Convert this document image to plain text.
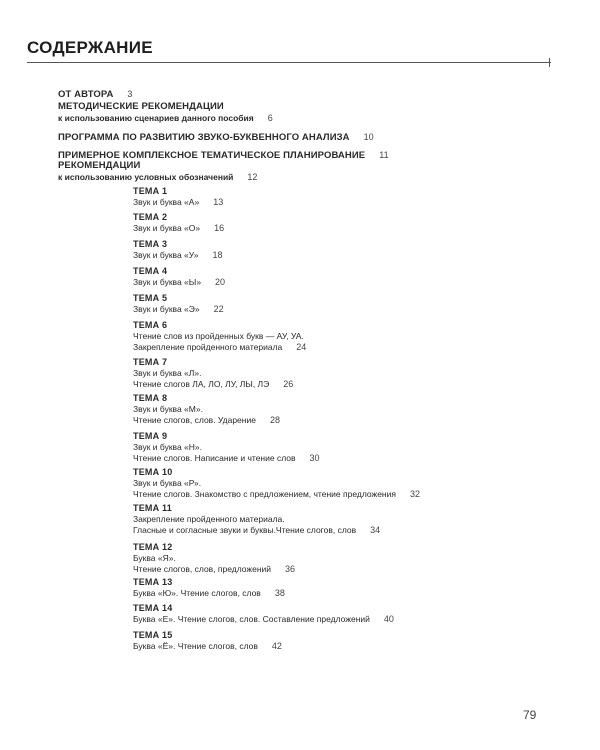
СОДЕРЖАНИЕ
ОТ АВТОРА 3
МЕТОДИЧЕСКИЕ РЕКОМЕНДАЦИИ
к использованию сценариев данного пособия 6
ПРОГРАММА ПО РАЗВИТИЮ ЗВУКО-БУКВЕННОГО АНАЛИЗА 10
ПРИМЕРНОЕ КОМПЛЕКСНОЕ ТЕМАТИЧЕСКОЕ ПЛАНИРОВАНИЕ 11
РЕКОМЕНДАЦИИ
к использованию условных обозначений 12
ТЕМА 1
Звук и буква «А» 13
ТЕМА 2
Звук и буква «О» 16
ТЕМА 3
Звук и буква «У» 18
ТЕМА 4
Звук и буква «Ы» 20
ТЕМА 5
Звук и буква «Э» 22
ТЕМА 6
Чтение слов из пройденных букв — АУ, УА.
Закрепление пройденного материала 24
ТЕМА 7
Звук и буква «Л».
Чтение слогов ЛА, ЛО, ЛУ, ЛЫ, ЛЭ 26
ТЕМА 8
Звук и буква «М».
Чтение слогов, слов. Ударение 28
ТЕМА 9
Звук и буква «Н».
Чтение слогов. Написание и чтение слов 30
ТЕМА 10
Звук и буква «Р».
Чтение слогов. Знакомство с предложением, чтение предложения 32
ТЕМА 11
Закрепление пройденного материала.
Гласные и согласные звуки и буквы.Чтение слогов, слов 34
ТЕМА 12
Буква «Я».
Чтение слогов, слов, предложений 36
ТЕМА 13
Буква «Ю». Чтение слогов, слов 38
ТЕМА 14
Буква «Е». Чтение слогов, слов. Составление предложений 40
ТЕМА 15
Буква «Ё». Чтение слогов, слов 42
79
